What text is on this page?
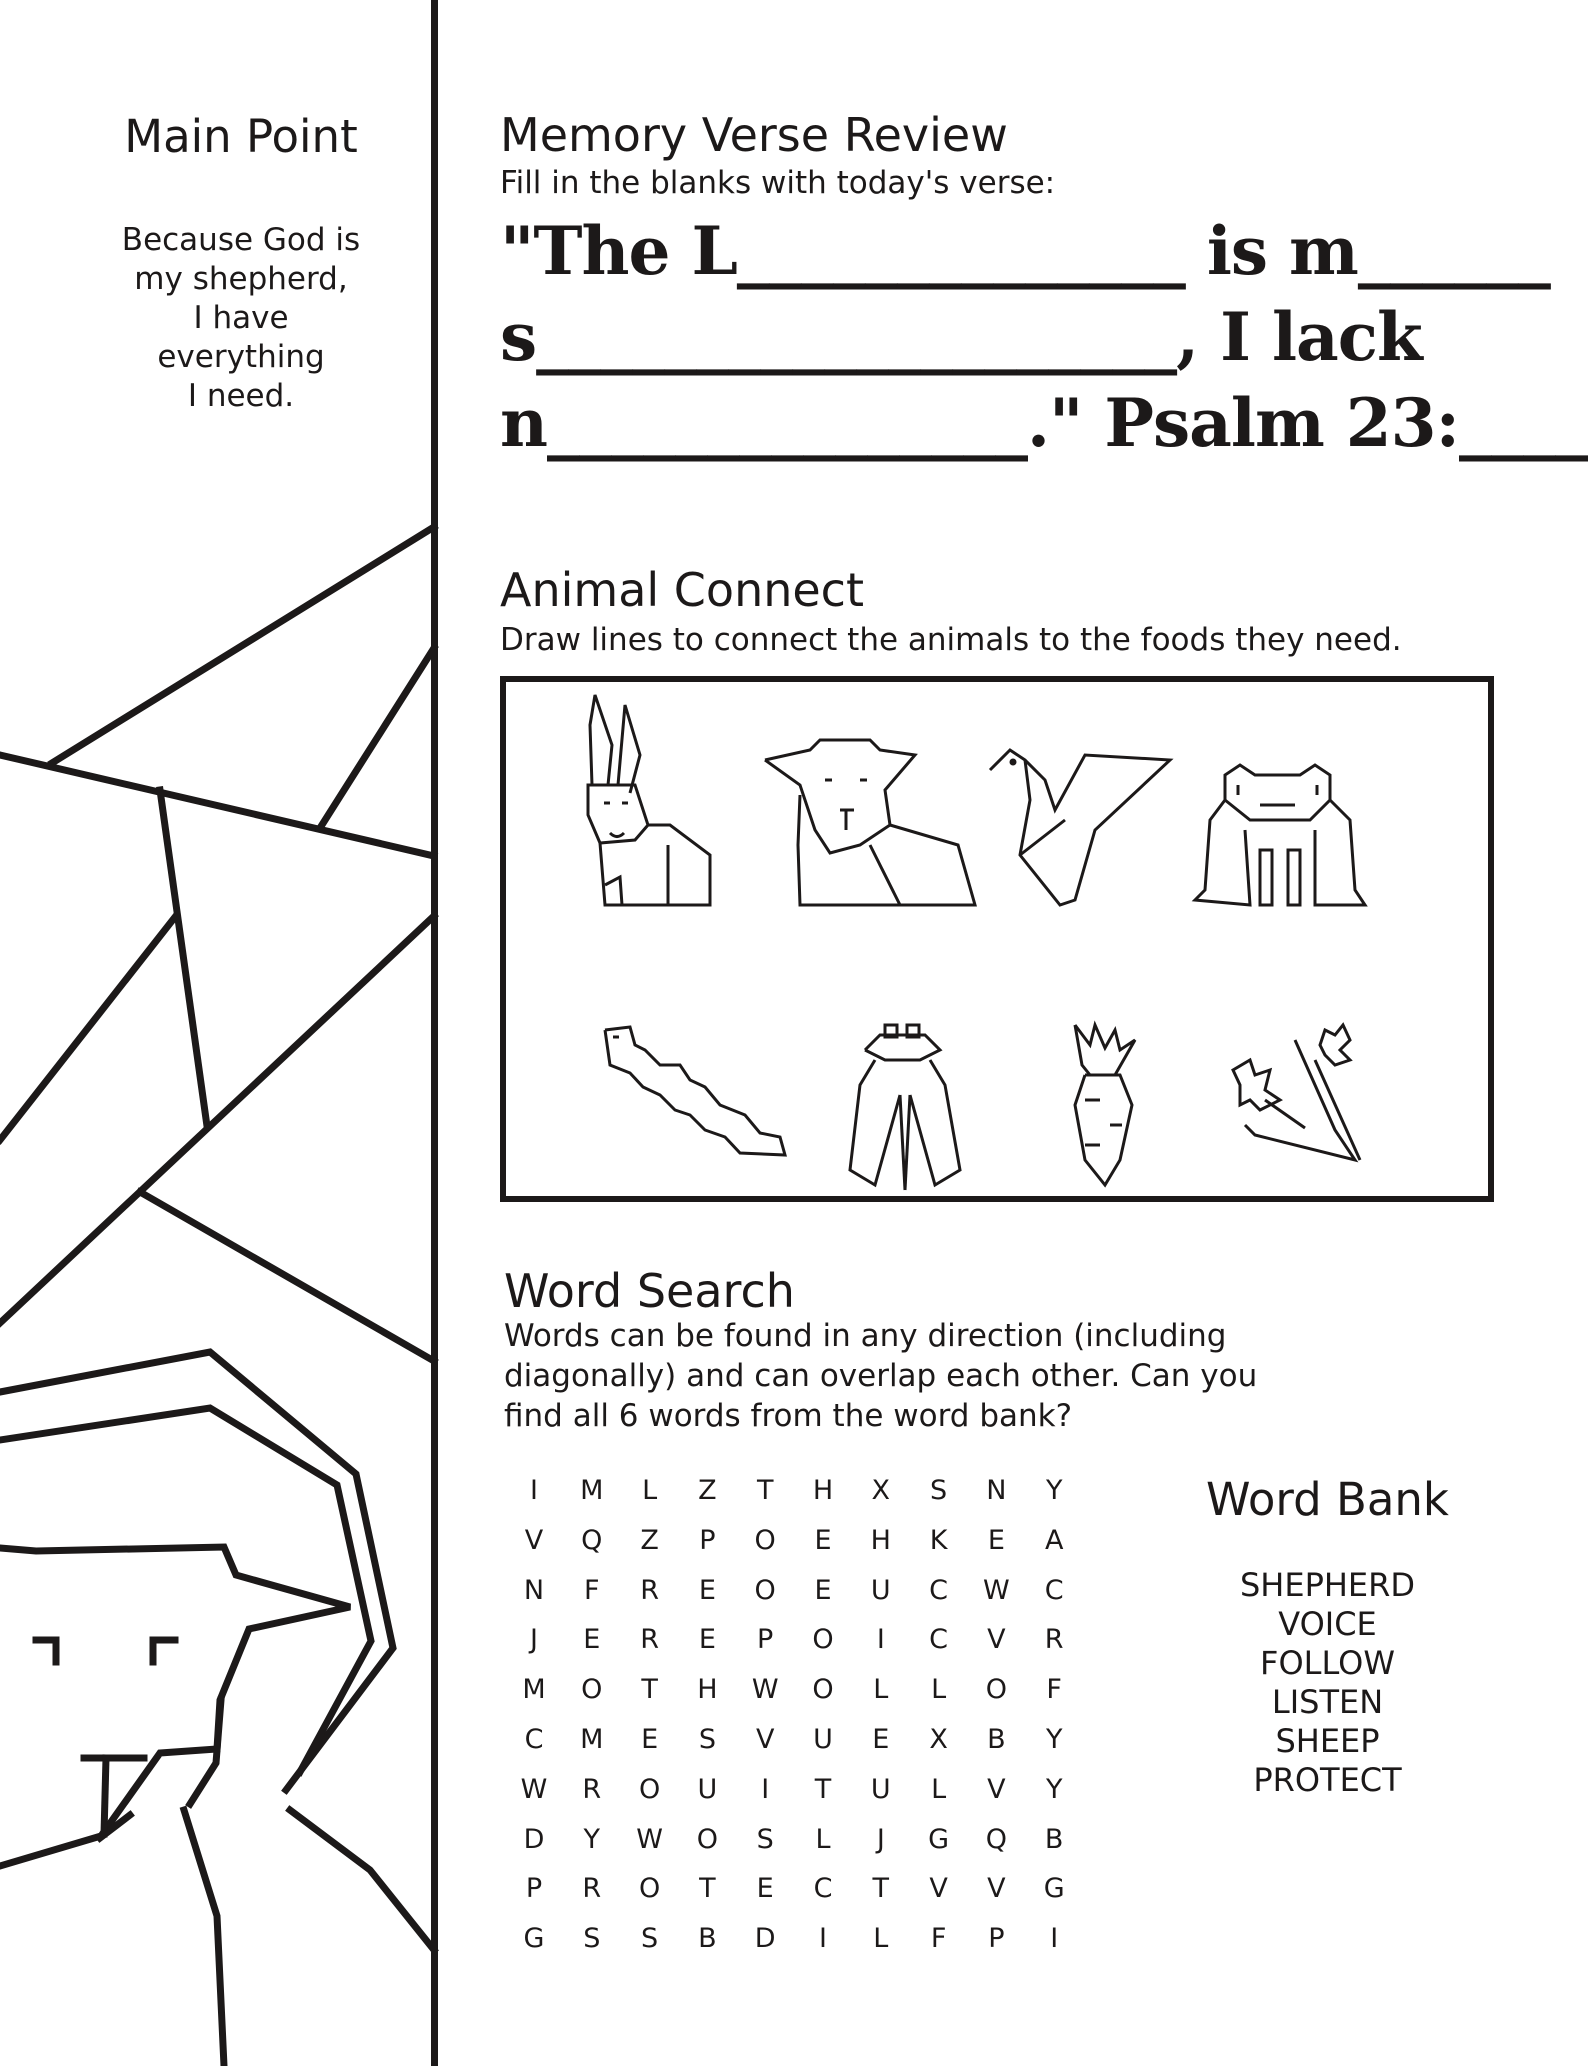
Main Point
Because God is
my shepherd,
I have
everything
I need.
Memory Verse Review
Fill in the blanks with today's verse:
"The L______________ is m______
s____________________, I lack
n_______________." Psalm 23:____
Animal Connect
Draw lines to connect the animals to the foods they need.
Word Search
Words can be found in any direction (including
diagonally) and can overlap each other. Can you
find all 6 words from the word bank?
I	M	L	Z	T	H	X	S	N	Y
V	Q	Z	P	O	E	H	K	E	A
N	F	R	E	O	E	U	C	W	C
J	E	R	E	P	O	I	C	V	R
M	O	T	H	W	O	L	L	O	F
C	M	E	S	V	U	E	X	B	Y
W	R	O	U	I	T	U	L	V	Y
D	Y	W	O	S	L	J	G	Q	B
P	R	O	T	E	C	T	V	V	G
G	S	S	B	D	I	L	F	P	I
Word Bank
SHEPHERD
VOICE
FOLLOW
LISTEN
SHEEP
PROTECT
